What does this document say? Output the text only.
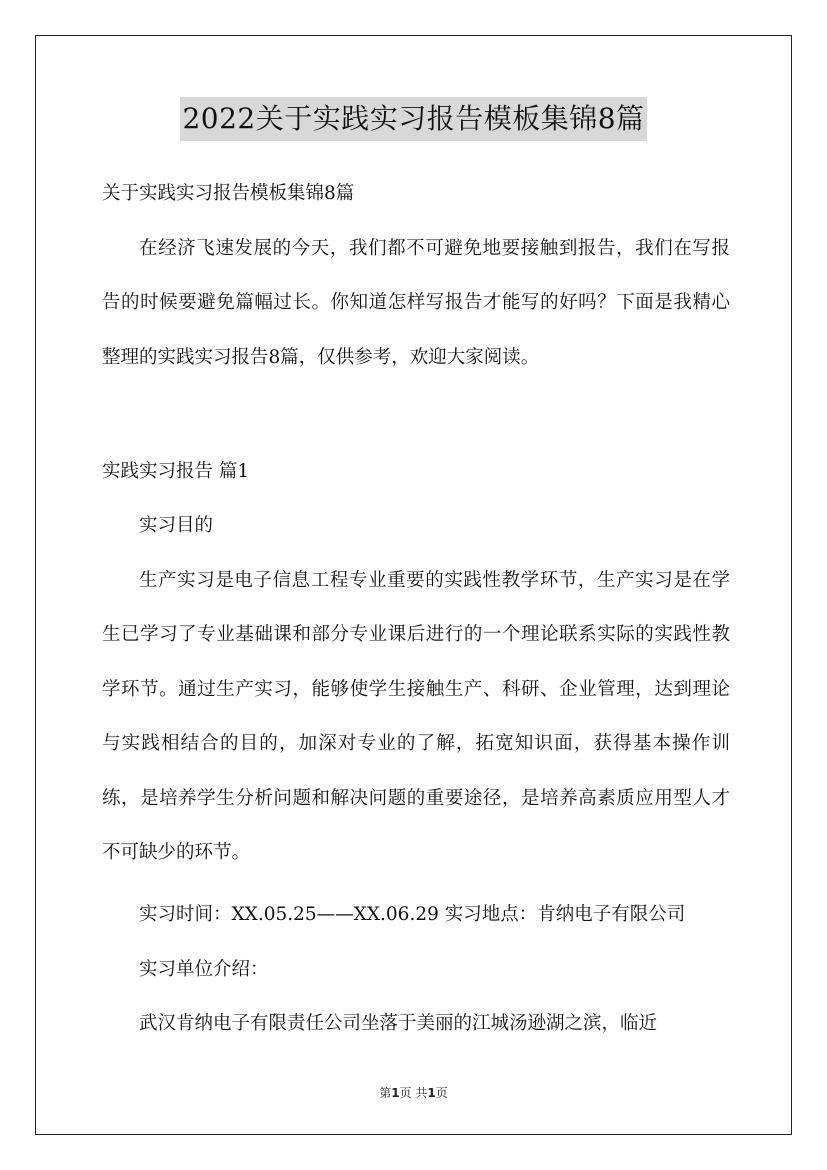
2022关于实践实习报告模板集锦8篇
关于实践实习报告模板集锦8篇
在经济飞速发展的今天，我们都不可避免地要接触到报告，我们在写报告的时候要避免篇幅过长。你知道怎样写报告才能写的好吗？下面是我精心整理的实践实习报告8篇，仅供参考，欢迎大家阅读。
实践实习报告 篇1
实习目的
生产实习是电子信息工程专业重要的实践性教学环节，生产实习是在学生已学习了专业基础课和部分专业课后进行的一个理论联系实际的实践性教学环节。通过生产实习，能够使学生接触生产、科研、企业管理，达到理论与实践相结合的目的，加深对专业的了解，拓宽知识面，获得基本操作训练，是培养学生分析问题和解决问题的重要途径，是培养高素质应用型人才不可缺少的环节。
实习时间：XX.05.25——XX.06.29 实习地点：肯纳电子有限公司
实习单位介绍：
武汉肯纳电子有限责任公司坐落于美丽的江城汤逊湖之滨，临近
第1页 共1页
